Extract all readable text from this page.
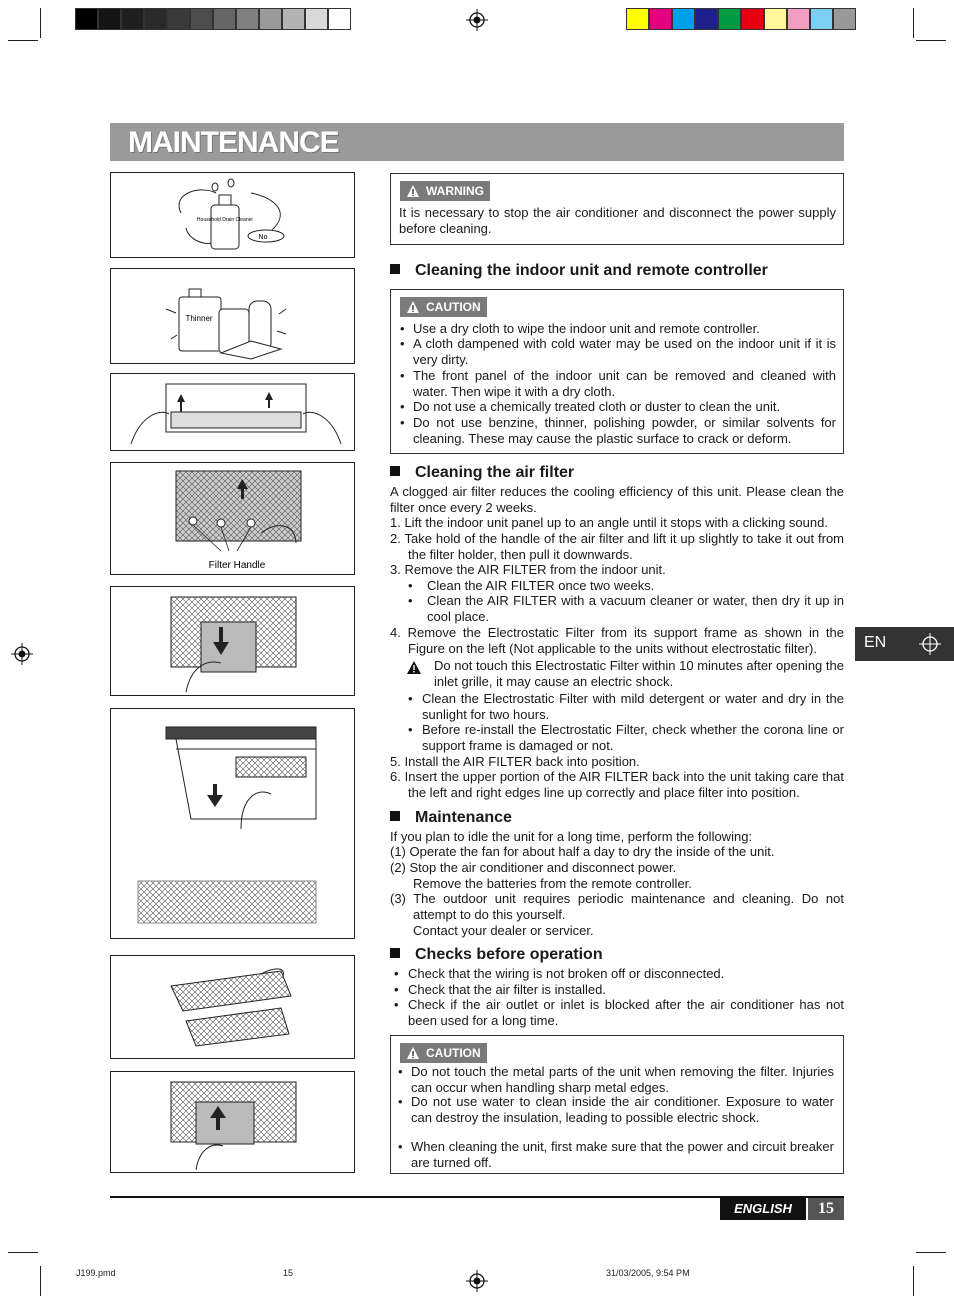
MAINTENANCE
Household Drain Cleaner
No
Thinner
Filter Handle
WARNING
It is necessary to stop the air conditioner and disconnect the power supply before cleaning.
Cleaning the indoor unit and remote controller
CAUTION
• Use a dry cloth to wipe the indoor unit and remote controller.
• A cloth dampened with cold water may be used on the indoor unit if it is very dirty.
• The front panel of the indoor unit can be removed and cleaned with water. Then wipe it with a dry cloth.
• Do not use a chemically treated cloth or duster to clean the unit.
• Do not use benzine, thinner, polishing powder, or similar solvents for cleaning. These may cause the plastic surface to crack or deform.
Cleaning the air filter
A clogged air filter reduces the cooling efficiency of this unit. Please clean the filter once every 2 weeks.
1. Lift the indoor unit panel up to an angle until it stops with a clicking sound.
2. Take hold of the handle of the air filter and lift it up slightly to take it out from the filter holder, then pull it downwards.
3. Remove the AIR FILTER from the indoor unit.
• Clean the AIR FILTER once two weeks.
• Clean the AIR FILTER with a vacuum cleaner or water, then dry it up in cool place.
4. Remove the Electrostatic Filter from its support frame as shown in the Figure on the left (Not applicable to the units without electrostatic filter).
Do not touch this Electrostatic Filter within 10 minutes after opening the inlet grille, it may cause an electric shock.
• Clean the Electrostatic Filter with mild detergent or water and dry in the sunlight for two hours.
• Before re-install the Electrostatic Filter, check whether the corona line or support frame is damaged or not.
5. Install the AIR FILTER back into position.
6. Insert the upper portion of the AIR FILTER back into the unit taking care that the left and right edges line up correctly and place filter into position.
Maintenance
If you plan to idle the unit for a long time, perform the following:
(1) Operate the fan for about half a day to dry the inside of the unit.
(2) Stop the air conditioner and disconnect power.
Remove the batteries from the remote controller.
(3) The outdoor unit requires periodic maintenance and cleaning. Do not attempt to do this yourself.
Contact your dealer or servicer.
Checks before operation
• Check that the wiring is not broken off or disconnected.
• Check that the air filter is installed.
• Check if the air outlet or inlet is blocked after the air conditioner has not been used for a long time.
CAUTION
• Do not touch the metal parts of the unit when removing the filter. Injuries can occur when handling sharp metal edges.
• Do not use water to clean inside the air conditioner. Exposure to water can destroy the insulation, leading to possible electric shock.
• When cleaning the unit, first make sure that the power and circuit breaker are turned off.
EN
ENGLISH	15
J199.pmd	15	31/03/2005, 9:54 PM
